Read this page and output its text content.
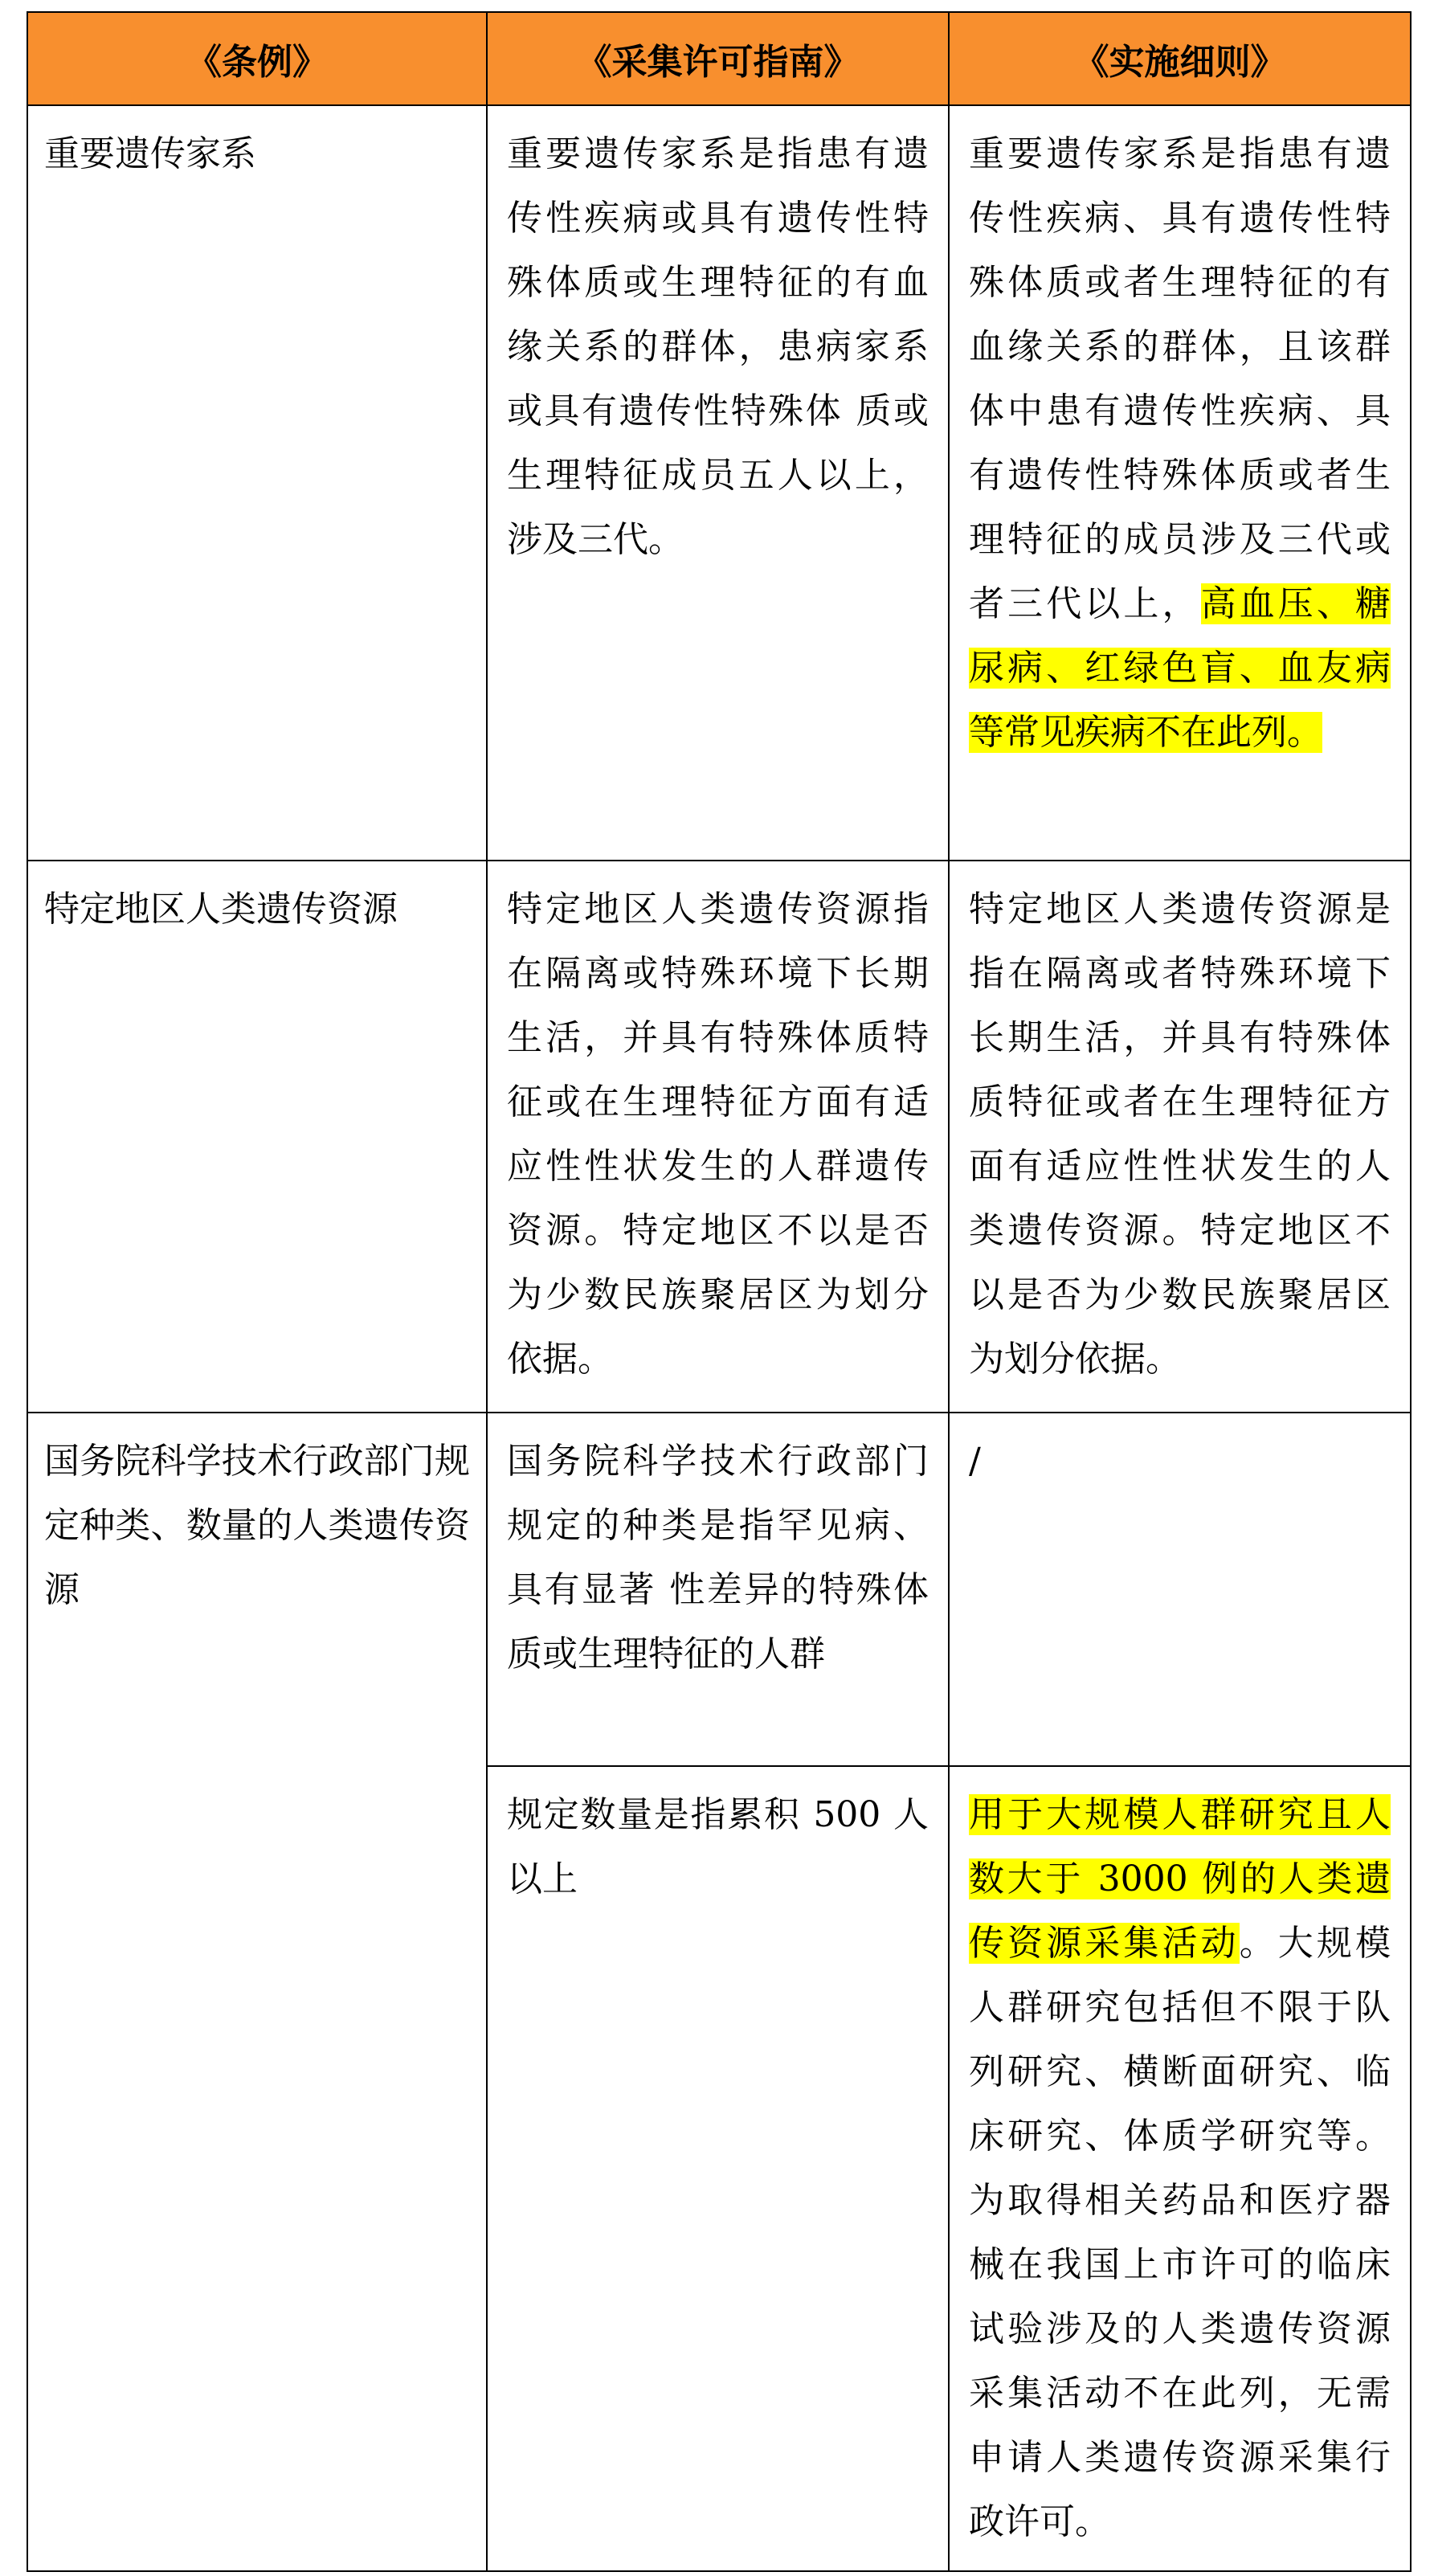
《条例》	《采集许可指南》	《实施细则》
重要遗传家系	重要遗传家系是指患有遗传性疾病或具有遗传性特殊体质或生理特征的有血缘关系的群体，患病家系或具有遗传性特殊体 质或生理特征成员五人以上，涉及三代。	重要遗传家系是指患有遗传性疾病、具有遗传性特殊体质或者生理特征的有血缘关系的群体，且该群体中患有遗传性疾病、具有遗传性特殊体质或者生理特征的成员涉及三代或者三代以上，高血压、糖尿病、红绿色盲、血友病等常见疾病不在此列。
特定地区人类遗传资源	特定地区人类遗传资源指在隔离或特殊环境下长期生活，并具有特殊体质特征或在生理特征方面有适应性性状发生的人群遗传资源。特定地区不以是否为少数民族聚居区为划分依据。	特定地区人类遗传资源是指在隔离或者特殊环境下长期生活，并具有特殊体质特征或者在生理特征方面有适应性性状发生的人类遗传资源。特定地区不以是否为少数民族聚居区为划分依据。
国务院科学技术行政部门规定种类、数量的人类遗传资源	国务院科学技术行政部门规定的种类是指罕见病、具有显著 性差异的特殊体质或生理特征的人群	/
	规定数量是指累积 500 人以上	用于大规模人群研究且人数大于 3000 例的人类遗传资源采集活动。大规模人群研究包括但不限于队列研究、横断面研究、临床研究、体质学研究等。为取得相关药品和医疗器械在我国上市许可的临床试验涉及的人类遗传资源采集活动不在此列，无需申请人类遗传资源采集行政许可。
